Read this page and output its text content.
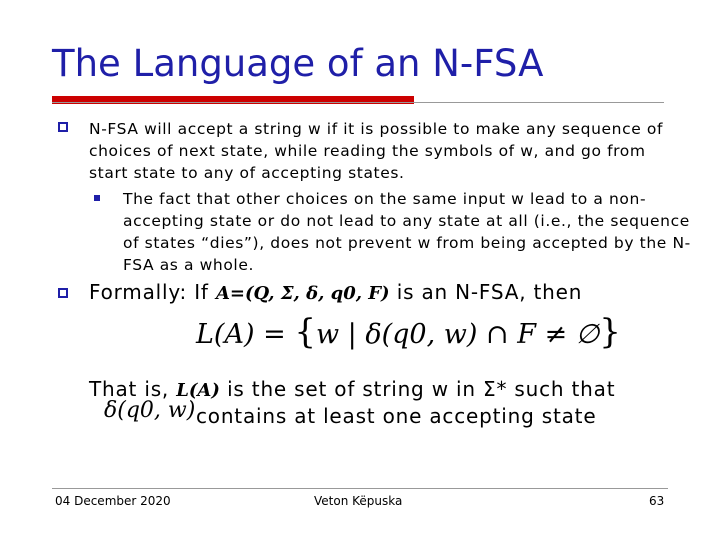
The Language of an N-FSA
N-FSA will accept a string w if it is possible to make any sequence of choices of next state, while reading the symbols of w, and go from start state to any of accepting states.
The fact that other choices on the same input w lead to a non-accepting state or do not lead to any state at all (i.e., the sequence of states “dies”), does not prevent w from being accepted by the N-FSA as a whole.
Formally: If A=(Q, Σ, δ, q0, F) is an N-FSA, then
L(A) = {w | δ(q0, w) ∩ F ≠ ∅}
That is, L(A) is the set of string w in Σ* such that
δ(q0, w) contains at least one accepting state
04 December 2020	Veton Këpuska	63
